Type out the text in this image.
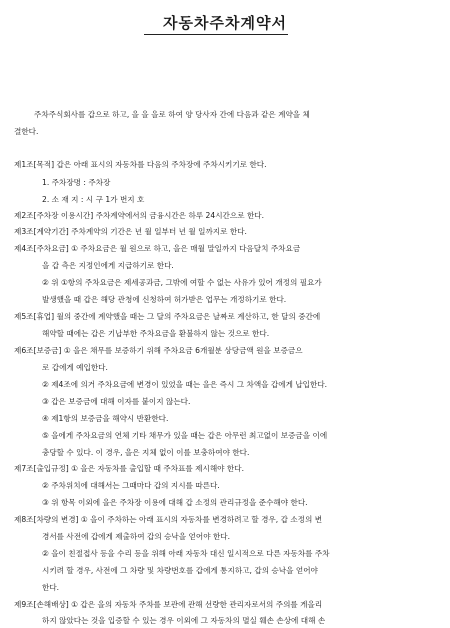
자동차주차계약서
주차주식회사를 갑으로 하고, 을 을 을로 하여 양 당사자 간에 다음과 같은 계약을 체
결한다.
제1조[목적] 갑은 아래 표시의 자동차를 다음의 주차장에 주차시키기로 한다.
1. 주차장명 : 주차장
2. 소 재 지 : 시 구 1가 번지 호
제2조[주차장 이용시간] 주차계약에서의 금융시간은 하루 24시간으로 한다.
제3조[계약기간] 주차계약의 기간은 년 월 일부터 년 월 일까지로 한다.
제4조[주차요금] ① 주차요금은 월 원으로 하고, 을은 매월 말일까지 다음달치 주차요금
을 갑 측은 지정인에게 지급하기로 한다.
② 위 ①항의 주차요금은 제세공과금, 그밖에 여할 수 없는 사유가 있어 개정의 필요가
발생했을 때 갑은 해당 관청에 신청하여 허가받은 업무는 개정하기로 한다.
제5조[휴업] 월의 중간에 계약했을 때는 그 달의 주차요금은 날짜로 계산하고, 한 달의 중간에
해약할 때에는 갑은 기납부한 주차요금을 환불하지 않는 것으로 한다.
제6조[보증금] ① 을은 채무를 보증하기 위해 주차요금 6개월분 상당금액 원을 보증금으
로 갑에게 예입한다.
② 제4조에 의거 주차요금에 변경이 있었을 때는 을은 즉시 그 차액을 갑에게 납입한다.
③ 갑은 보증금에 대해 이자를 붙이지 않는다.
④ 제1항의 보증금을 해약시 반환한다.
⑤ 을에게 주차요금의 연체 기타 채무가 있을 때는 갑은 아무런 최고없이 보증금을 이에
충당할 수 있다. 이 경우, 을은 지체 없이 이를 보충하여야 한다.
제7조[출입규정] ① 을은 자동차를 출입할 때 주차표를 제시해야 한다.
② 주차위치에 대해서는 그때마다 갑의 지시를 따른다.
③ 위 항목 이외에 을은 주차장 이용에 대해 갑 소정의 관리규정을 준수해야 한다.
제8조[차량의 변경] ① 을이 주차하는 아래 표시의 자동차를 변경하려고 할 경우, 갑 소정의 변
경서를 사전에 갑에게 제출하여 갑의 승낙을 얻어야 한다.
② 을이 친절접사 등을 수리 등을 위해 아래 자동차 대신 일시적으로 다른 자동차를 주차
시키려 할 경우, 사전에 그 차량 및 차량번호를 갑에게 통지하고, 갑의 승낙을 얻어야
한다.
제9조[손해배상] ① 갑은 을의 자동차 주차를 보관에 관해 선량한 관리자로서의 주의를 게을리
하지 않았다는 것을 입증할 수 있는 경우 이외에 그 자동차의 멸실 훼손 손상에 대해 손
